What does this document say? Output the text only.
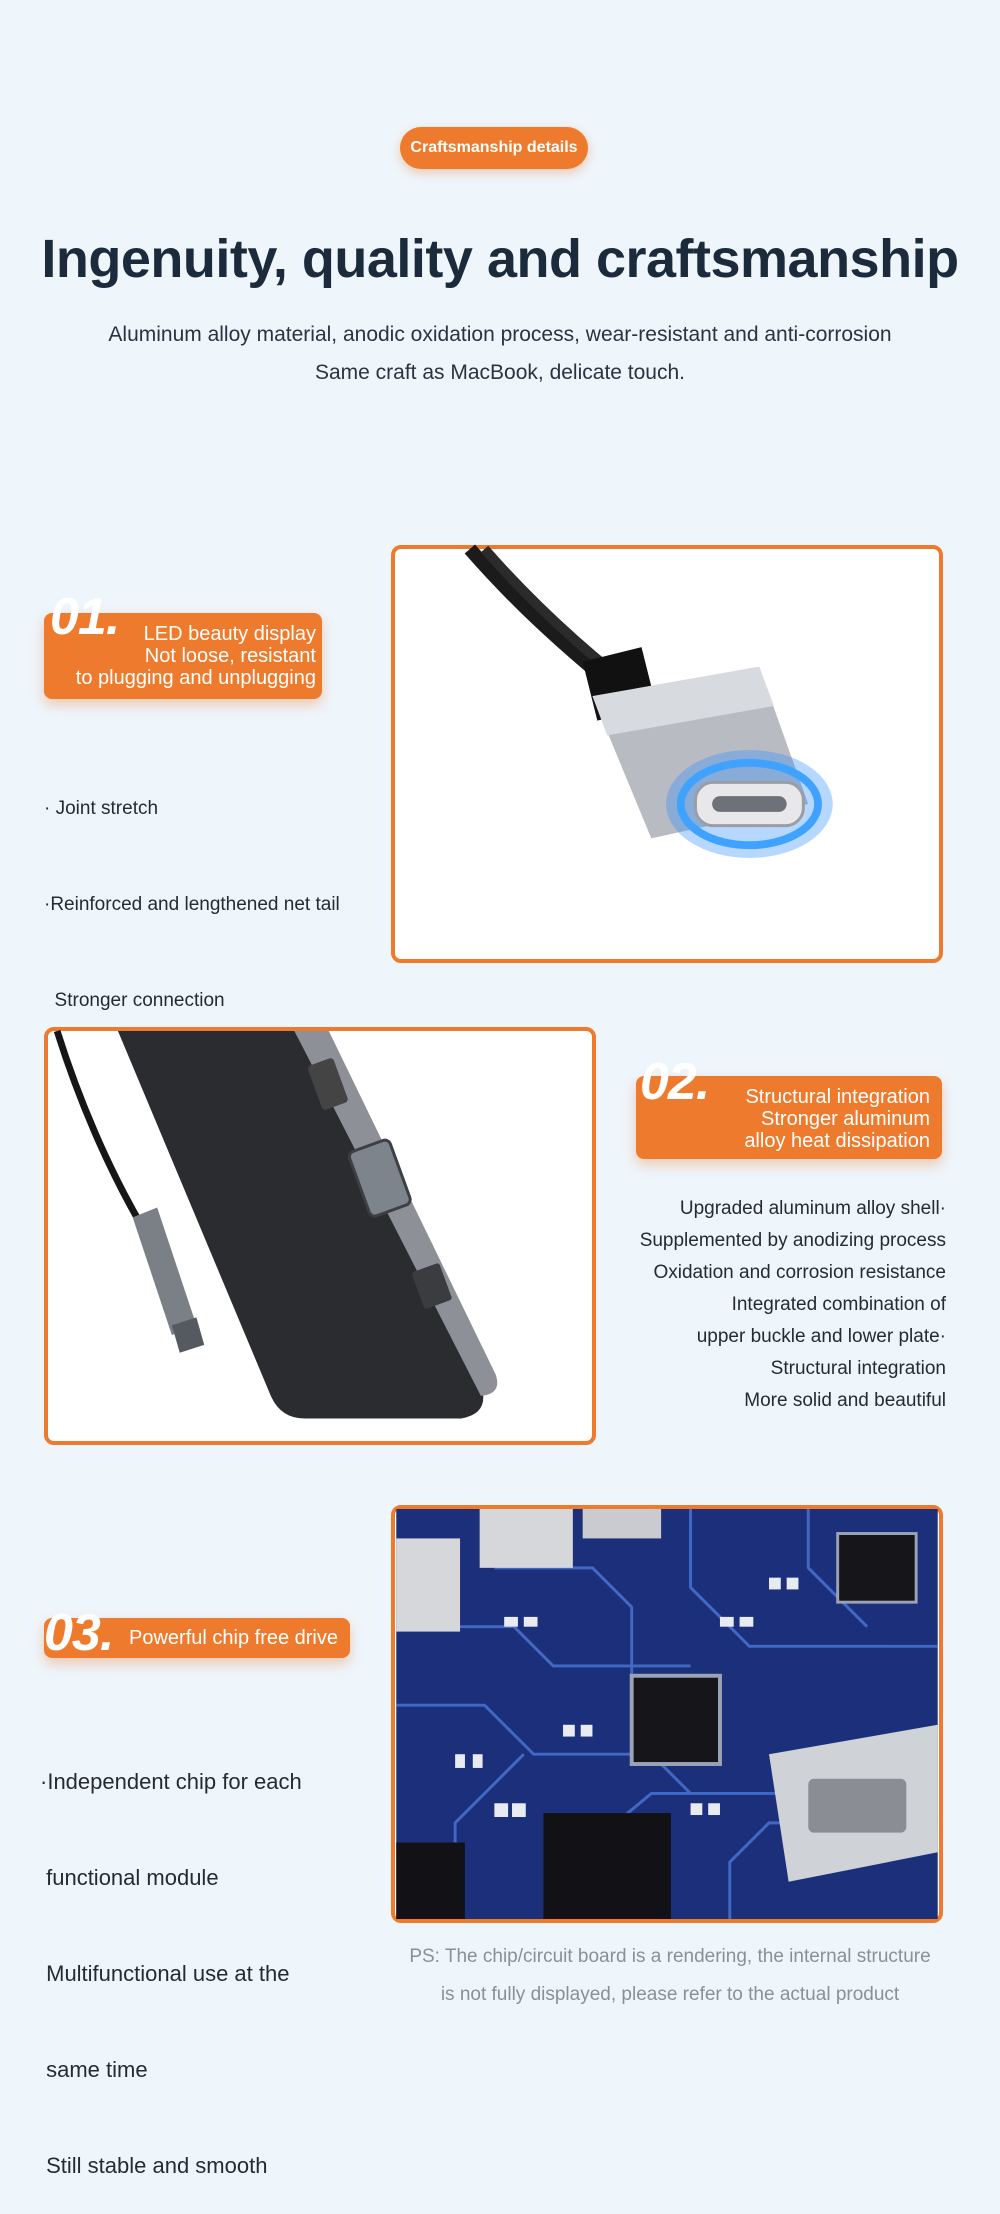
Craftsmanship details
Ingenuity, quality and craftsmanship
Aluminum alloy material, anodic oxidation process, wear-resistant and anti-corrosion
Same craft as MacBook, delicate touch.
01.	LED beauty display
Not loose, resistant
to plugging and unplugging

· Joint stretch

·Reinforced and lengthened net tail

Stronger connection

02.	Structural integration
Stronger aluminum
alloy heat dissipation
Upgraded aluminum alloy shell·
Supplemented by anodizing process
Oxidation and corrosion resistance
Integrated combination of
upper buckle and lower plate·
Structural integration
More solid and beautiful
03. Powerful chip free drive

·Independent chip for each

functional module

Multifunctional use at the

same time

Still stable and smooth

PS: The chip/circuit board is a rendering, the internal structure
is not fully displayed, please refer to the actual product
